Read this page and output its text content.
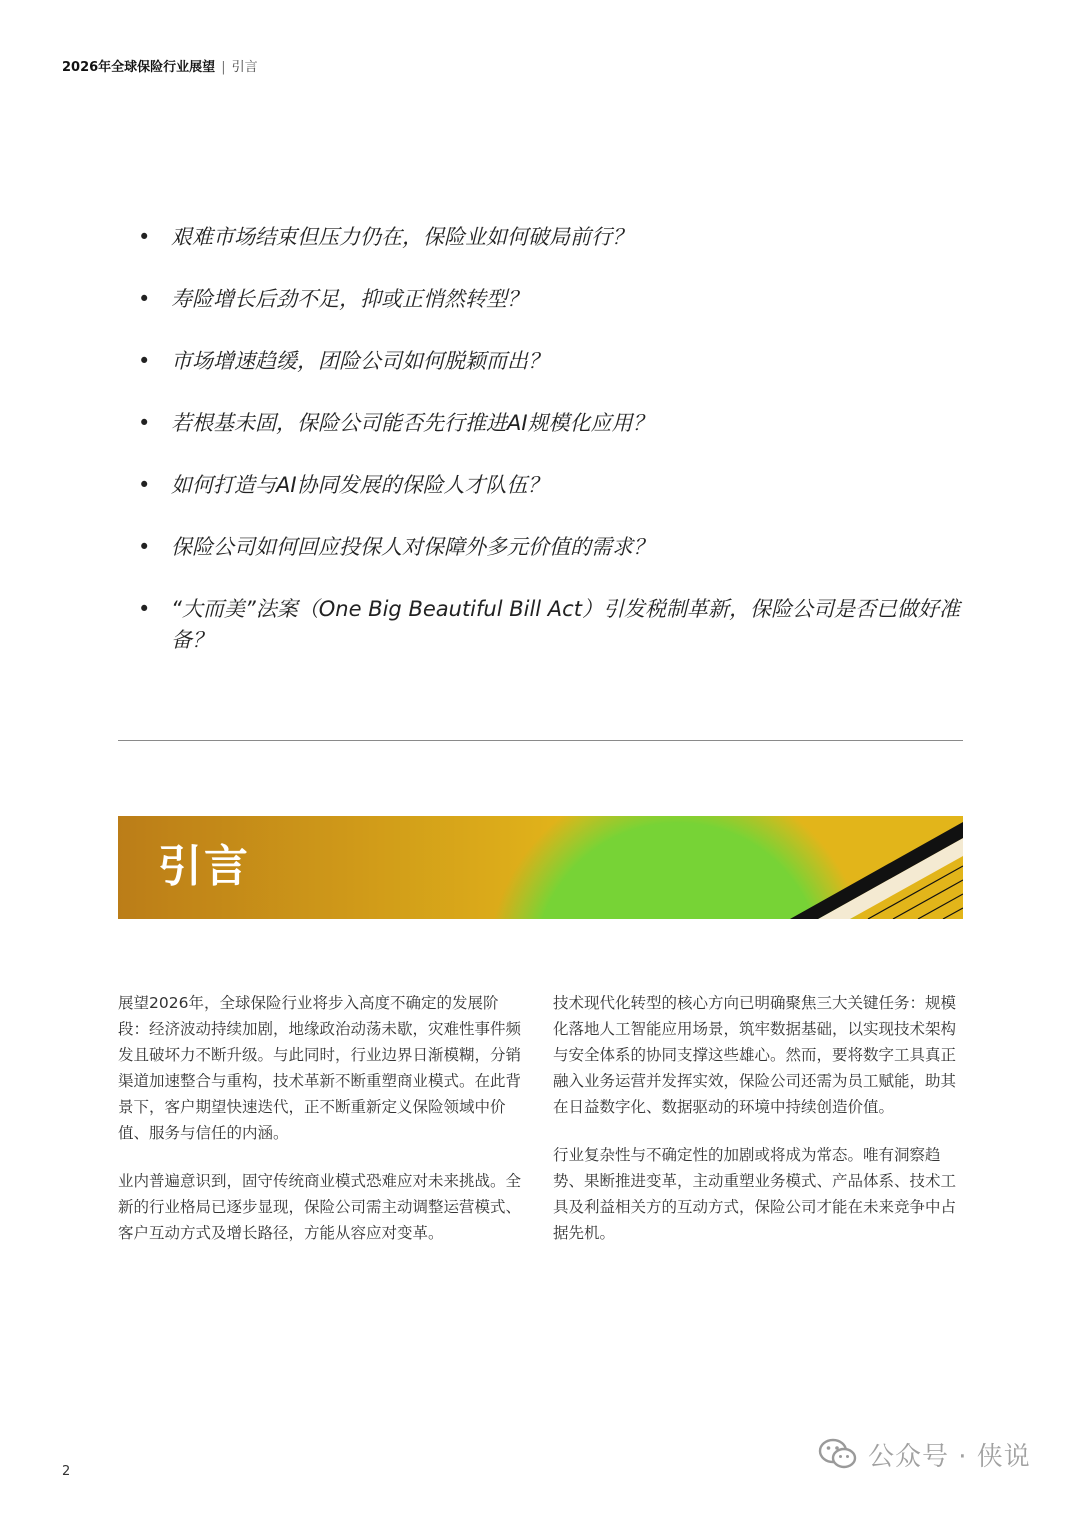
2026年全球保险行业展望 | 引言
• 艰难市场结束但压力仍在，保险业如何破局前行？
• 寿险增长后劲不足，抑或正悄然转型？
• 市场增速趋缓，团险公司如何脱颖而出？
• 若根基未固，保险公司能否先行推进AI规模化应用？
• 如何打造与AI协同发展的保险人才队伍？
• 保险公司如何回应投保人对保障外多元价值的需求？
• “大而美”法案（One Big Beautiful Bill Act）引发税制革新，保险公司是否已做好准备？
引言

展望2026年，全球保险行业将步入高度不确定的发展阶段：经济波动持续加剧，地缘政治动荡未歇，灾难性事件频发且破坏力不断升级。与此同时，行业边界日渐模糊，分销渠道加速整合与重构，技术革新不断重塑商业模式。在此背景下，客户期望快速迭代，正不断重新定义保险领域中价值、服务与信任的内涵。

业内普遍意识到，固守传统商业模式恐难应对未来挑战。全新的行业格局已逐步显现，保险公司需主动调整运营模式、客户互动方式及增长路径，方能从容应对变革。

技术现代化转型的核心方向已明确聚焦三大关键任务：规模化落地人工智能应用场景，筑牢数据基础，以实现技术架构与安全体系的协同支撑这些雄心。然而，要将数字工具真正融入业务运营并发挥实效，保险公司还需为员工赋能，助其在日益数字化、数据驱动的环境中持续创造价值。

行业复杂性与不确定性的加剧或将成为常态。唯有洞察趋势、果断推进变革，主动重塑业务模式、产品体系、技术工具及利益相关方的互动方式，保险公司才能在未来竞争中占据先机。

2	公众号 · 侠说
